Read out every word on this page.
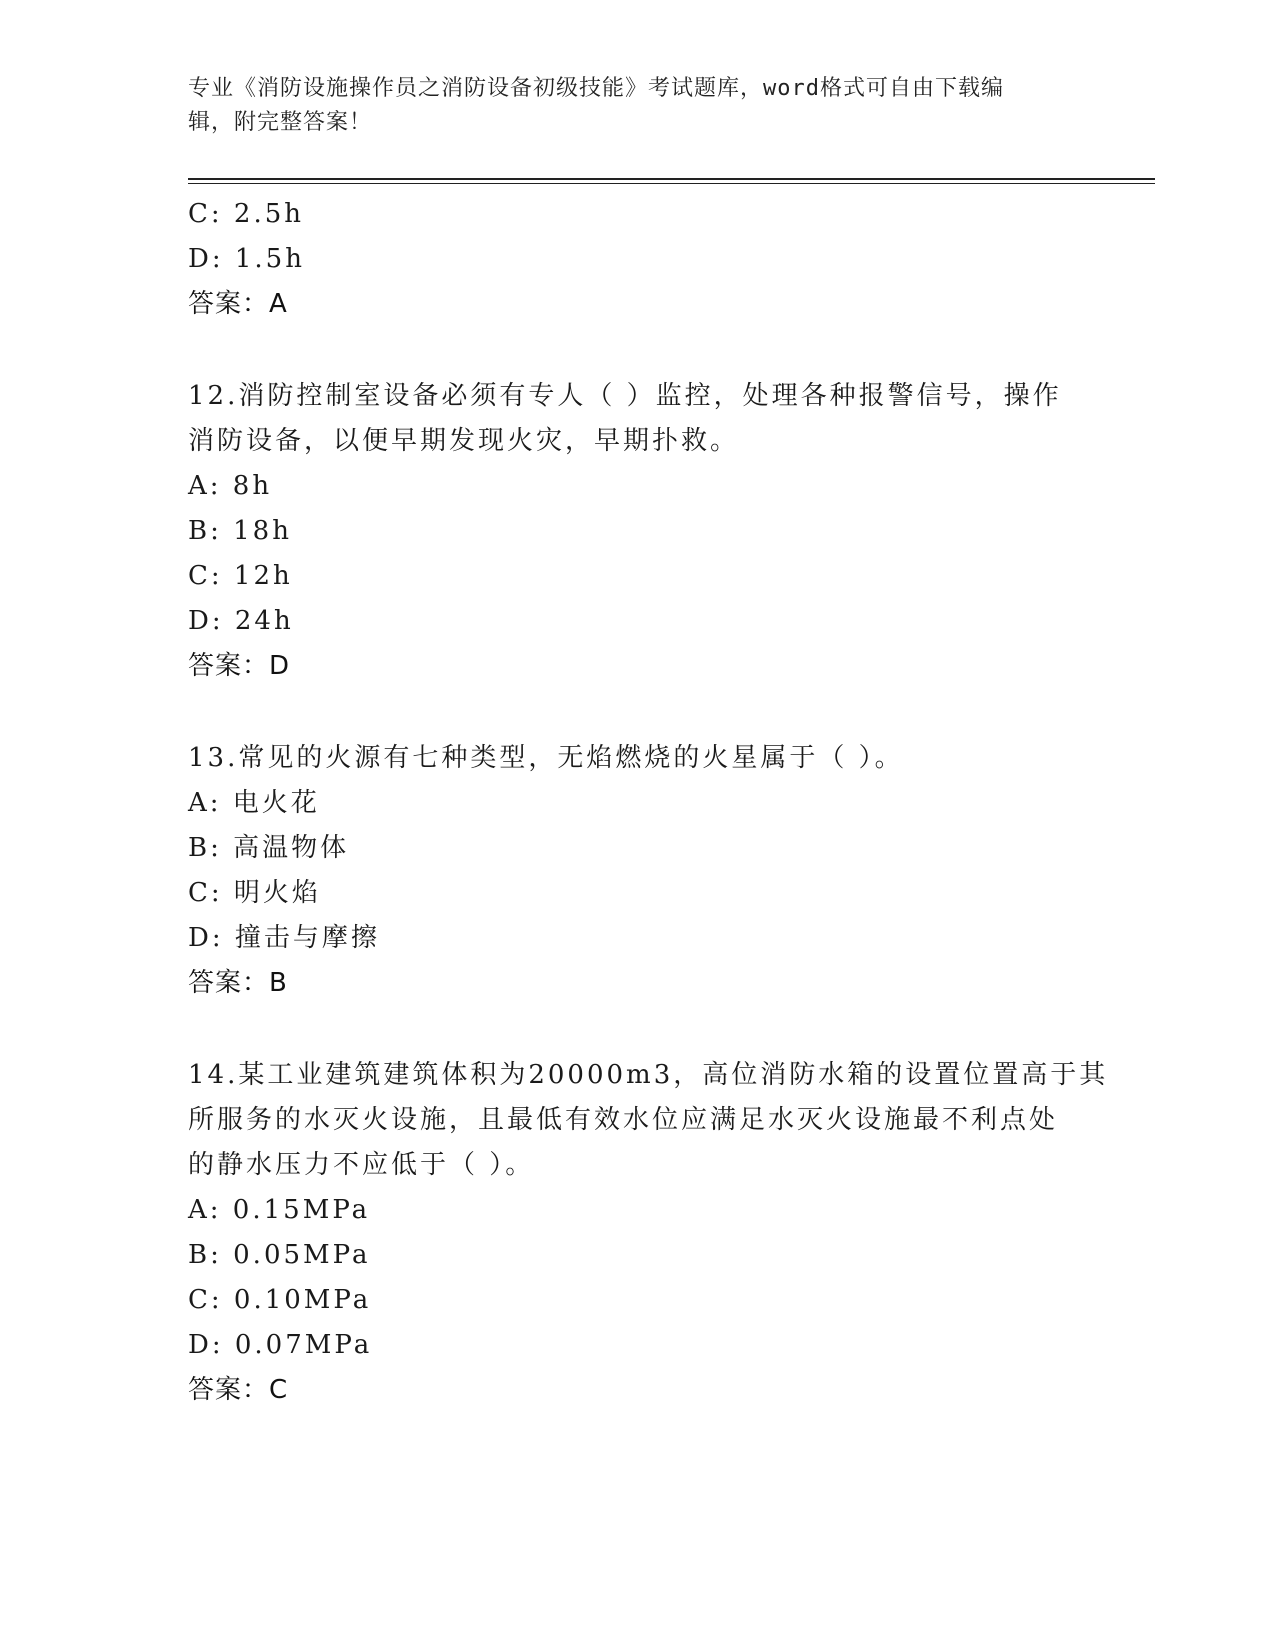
专业《消防设施操作员之消防设备初级技能》考试题库，word格式可自由下载编
辑，附完整答案！
C: 2.5h
D: 1.5h
答案：A
12.消防控制室设备必须有专人（ ）监控，处理各种报警信号，操作
消防设备，以便早期发现火灾，早期扑救。
A: 8h
B: 18h
C: 12h
D: 24h
答案：D
13.常见的火源有七种类型，无焰燃烧的火星属于（ ）。
A: 电火花
B: 高温物体
C: 明火焰
D: 撞击与摩擦
答案：B
14.某工业建筑建筑体积为20000m3，高位消防水箱的设置位置高于其
所服务的水灭火设施，且最低有效水位应满足水灭火设施最不利点处
的静水压力不应低于（ ）。
A: 0.15MPa
B: 0.05MPa
C: 0.10MPa
D: 0.07MPa
答案：C
